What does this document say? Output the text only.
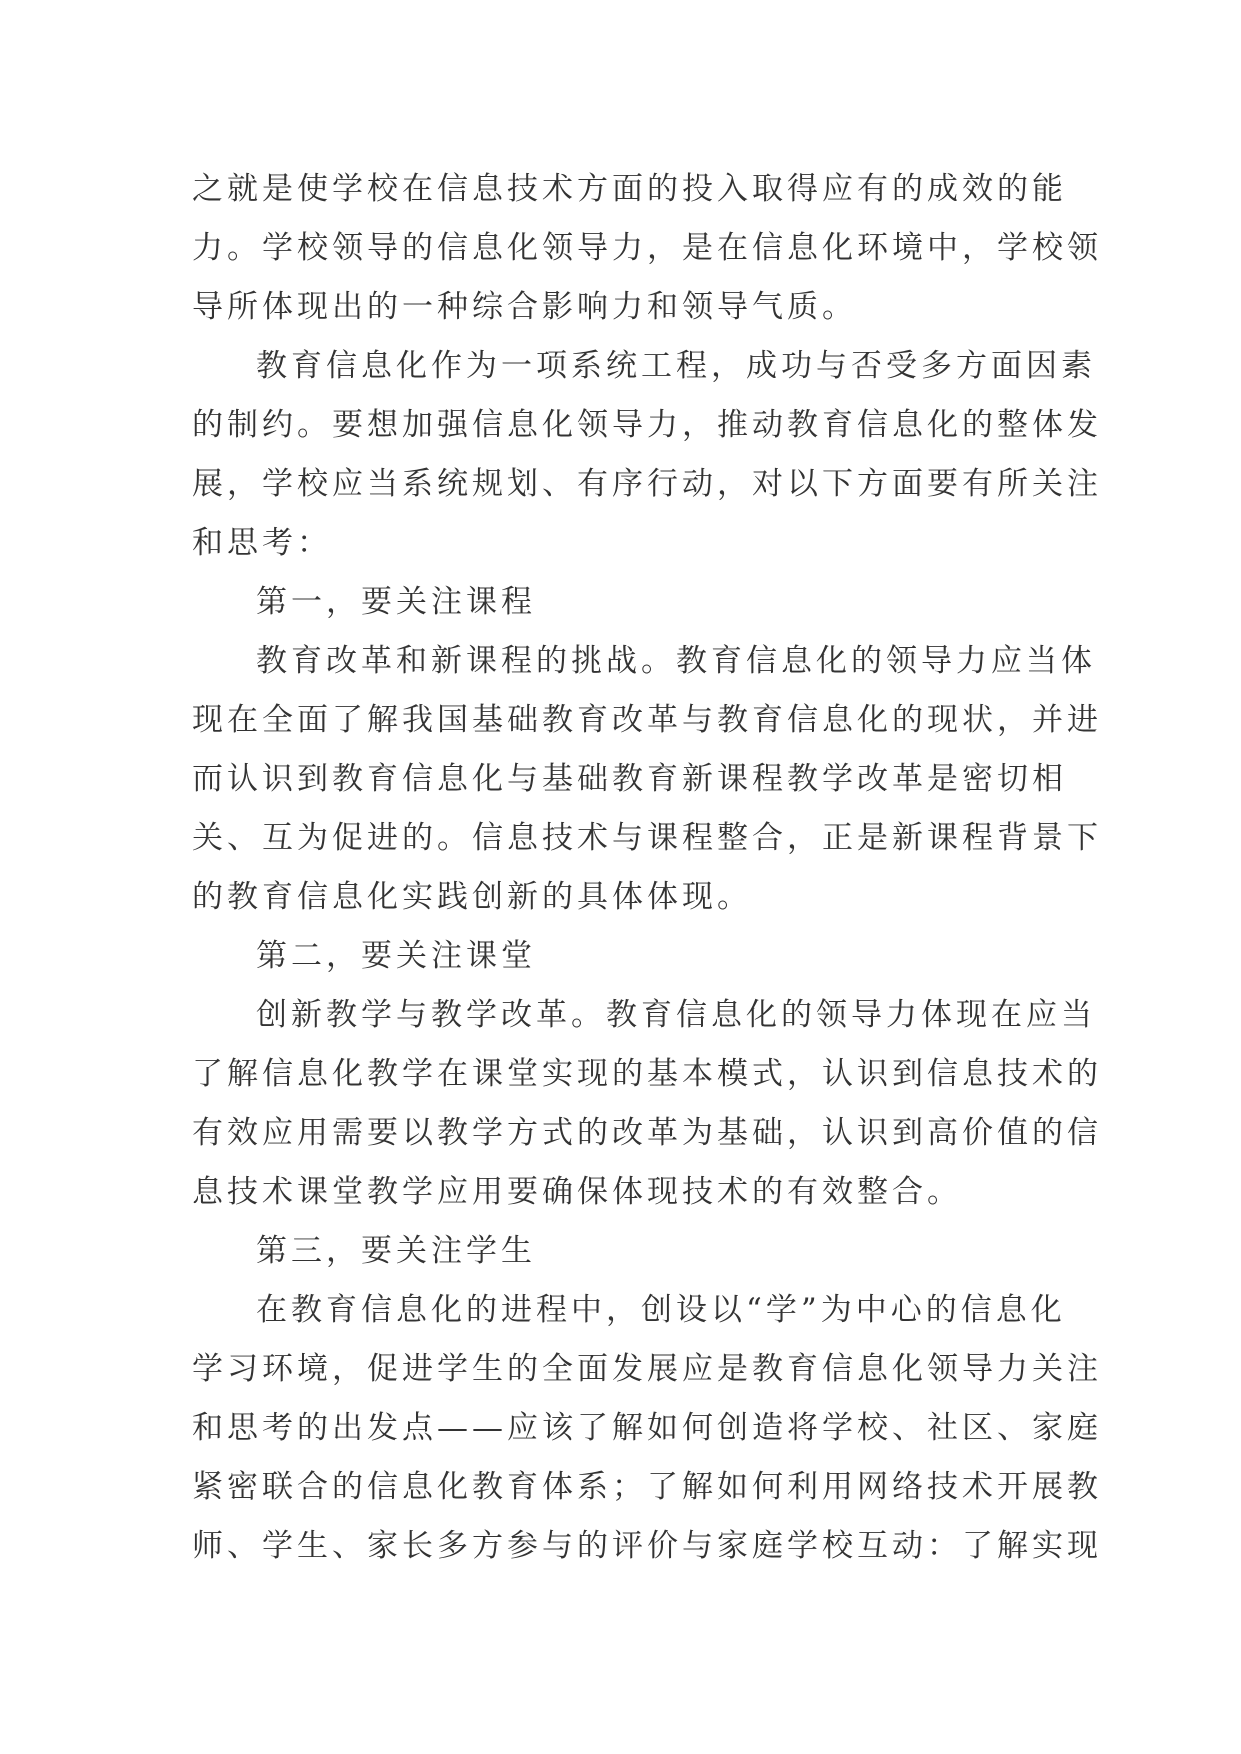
之 就 是 使 学 校 在 信 息 技 术 方 面 的 投 入 取 得 应 有 的 成 效 的 能
力 。 学 校 领 导 的 信 息 化 领 导 力 ， 是 在 信 息 化 环 境 中 ， 学 校 领
导所体现出的一种综合影响力和领导气质。
教 育 信 息 化 作 为 一 项 系 统 工 程 ， 成 功 与 否 受 多 方 面 因 素
的 制 约 。 要 想 加 强 信 息 化 领 导 力 ， 推 动 教 育 信 息 化 的 整 体 发
展 ， 学 校 应 当 系 统 规 划 、 有 序 行 动 ， 对 以 下 方 面 要 有 所 关 注
和思考：
第一，要关注课程
教 育 改 革 和 新 课 程 的 挑 战 。 教 育 信 息 化 的 领 导 力 应 当 体
现 在 全 面 了 解 我 国 基 础 教 育 改 革 与 教 育 信 息 化 的 现 状 ， 并 进
而 认 识 到 教 育 信 息 化 与 基 础 教 育 新 课 程 教 学 改 革 是 密 切 相
关 、 互 为 促 进 的 。 信 息 技 术 与 课 程 整 合 ， 正 是 新 课 程 背 景 下
的教育信息化实践创新的具体体现。
第二，要关注课堂
创 新 教 学 与 教 学 改 革 。 教 育 信 息 化 的 领 导 力 体 现 在 应 当
了 解 信 息 化 教 学 在 课 堂 实 现 的 基 本 模 式 ， 认 识 到 信 息 技 术 的
有 效 应 用 需 要 以 教 学 方 式 的 改 革 为 基 础 ， 认 识 到 高 价 值 的 信
息技术课堂教学应用要确保体现技术的有效整合。
第三，要关注学生
在 教 育 信 息 化 的 进 程 中 ， 创 设 以 “ 学 ” 为 中 心 的 信 息 化
学 习 环 境 ， 促 进 学 生 的 全 面 发 展 应 是 教 育 信 息 化 领 导 力 关 注
和 思 考 的 出 发 点 — — 应 该 了 解 如 何 创 造 将 学 校 、 社 区 、 家 庭
紧 密 联 合 的 信 息 化 教 育 体 系 ； 了 解 如 何 利 用 网 络 技 术 开 展 教
师 、 学 生 、 家 长 多 方 参 与 的 评 价 与 家 庭 学 校 互 动 ： 了 解 实 现
